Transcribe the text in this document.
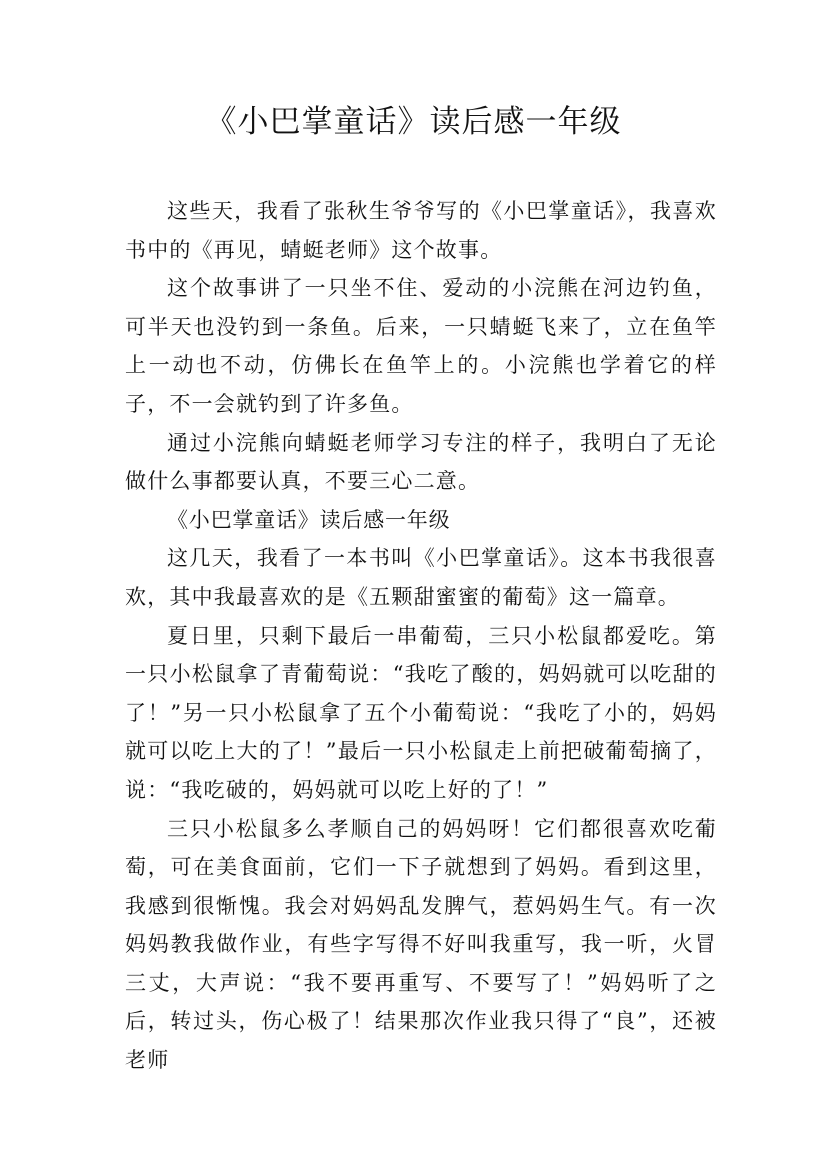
《小巴掌童话》读后感一年级

这些天，我看了张秋生爷爷写的《小巴掌童话》，我喜欢书中的《再见，蜻蜓老师》这个故事。

这个故事讲了一只坐不住、爱动的小浣熊在河边钓鱼，可半天也没钓到一条鱼。后来，一只蜻蜓飞来了，立在鱼竿上一动也不动，仿佛长在鱼竿上的。小浣熊也学着它的样子，不一会就钓到了许多鱼。

通过小浣熊向蜻蜓老师学习专注的样子，我明白了无论做什么事都要认真，不要三心二意。

《小巴掌童话》读后感一年级

这几天，我看了一本书叫《小巴掌童话》。这本书我很喜欢，其中我最喜欢的是《五颗甜蜜蜜的葡萄》这一篇章。

夏日里，只剩下最后一串葡萄，三只小松鼠都爱吃。第一只小松鼠拿了青葡萄说：“我吃了酸的，妈妈就可以吃甜的了！”另一只小松鼠拿了五个小葡萄说：“我吃了小的，妈妈就可以吃上大的了！”最后一只小松鼠走上前把破葡萄摘了，说：“我吃破的，妈妈就可以吃上好的了！”

三只小松鼠多么孝顺自己的妈妈呀！它们都很喜欢吃葡萄，可在美食面前，它们一下子就想到了妈妈。看到这里，我感到很惭愧。我会对妈妈乱发脾气，惹妈妈生气。有一次妈妈教我做作业，有些字写得不好叫我重写，我一听，火冒三丈，大声说：“我不要再重写、不要写了！”妈妈听了之后，转过头，伤心极了！结果那次作业我只得了“良”，还被老师
